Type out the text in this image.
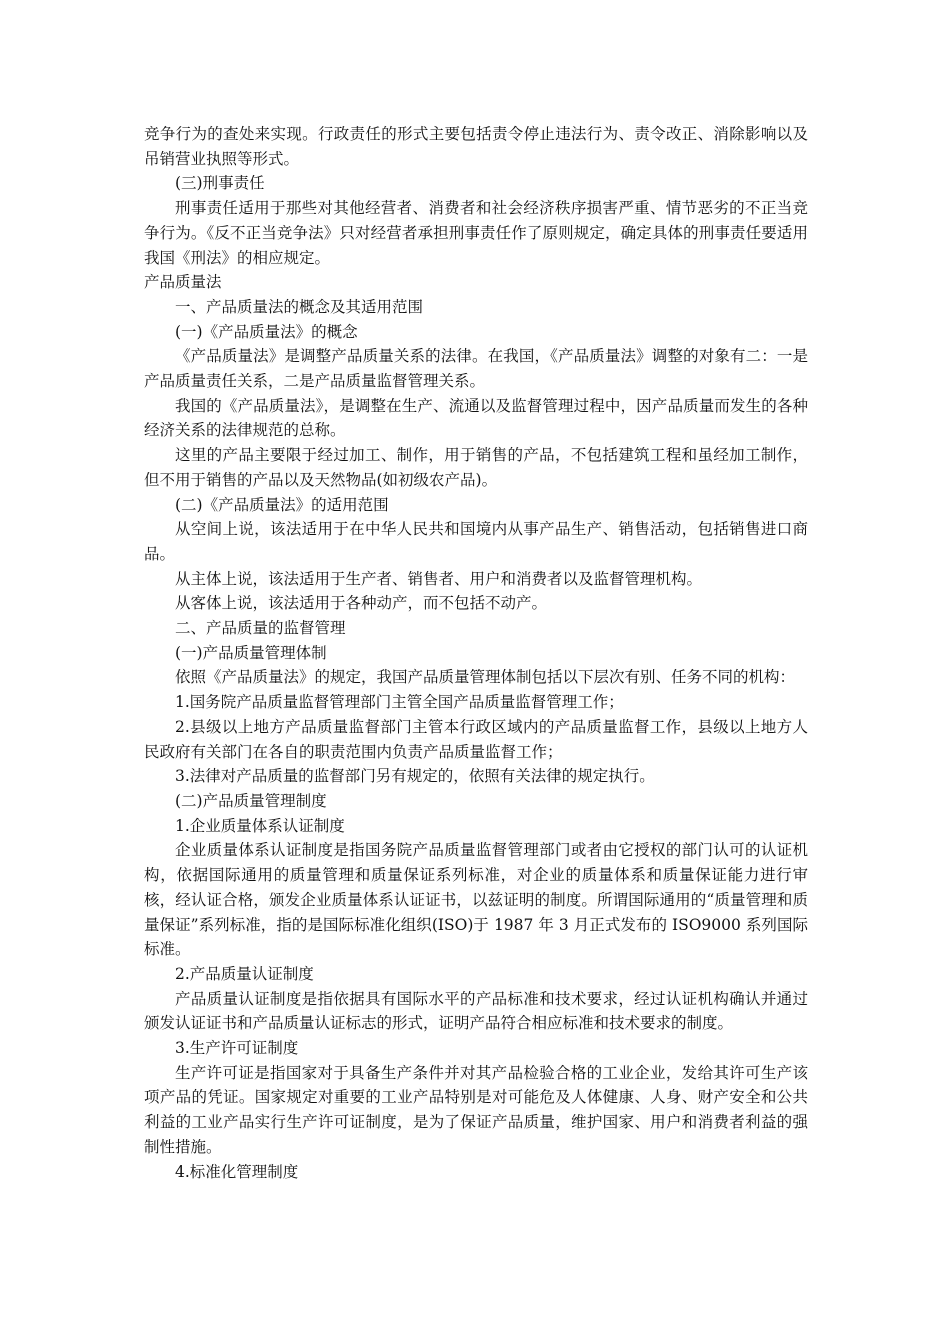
竞争行为的查处来实现。行政责任的形式主要包括责令停止违法行为、责令改正、消除影响以及吊销营业执照等形式。

(三)刑事责任

刑事责任适用于那些对其他经营者、消费者和社会经济秩序损害严重、情节恶劣的不正当竞争行为。《反不正当竞争法》只对经营者承担刑事责任作了原则规定，确定具体的刑事责任要适用我国《刑法》的相应规定。

产品质量法

一、产品质量法的概念及其适用范围

(一)《产品质量法》的概念

《产品质量法》是调整产品质量关系的法律。在我国，《产品质量法》调整的对象有二：一是产品质量责任关系，二是产品质量监督管理关系。

我国的《产品质量法》，是调整在生产、流通以及监督管理过程中，因产品质量而发生的各种经济关系的法律规范的总称。

这里的产品主要限于经过加工、制作，用于销售的产品，不包括建筑工程和虽经加工制作，但不用于销售的产品以及天然物品(如初级农产品)。

(二)《产品质量法》的适用范围

从空间上说，该法适用于在中华人民共和国境内从事产品生产、销售活动，包括销售进口商品。

从主体上说，该法适用于生产者、销售者、用户和消费者以及监督管理机构。

从客体上说，该法适用于各种动产，而不包括不动产。

二、产品质量的监督管理

(一)产品质量管理体制

依照《产品质量法》的规定，我国产品质量管理体制包括以下层次有别、任务不同的机构：

1.国务院产品质量监督管理部门主管全国产品质量监督管理工作；

2.县级以上地方产品质量监督部门主管本行政区域内的产品质量监督工作，县级以上地方人民政府有关部门在各自的职责范围内负责产品质量监督工作；

3.法律对产品质量的监督部门另有规定的，依照有关法律的规定执行。

(二)产品质量管理制度

1.企业质量体系认证制度

企业质量体系认证制度是指国务院产品质量监督管理部门或者由它授权的部门认可的认证机构，依据国际通用的质量管理和质量保证系列标准，对企业的质量体系和质量保证能力进行审核，经认证合格，颁发企业质量体系认证证书，以兹证明的制度。所谓国际通用的“质量管理和质量保证”系列标准，指的是国际标准化组织(ISO)于 1987 年 3 月正式发布的 ISO9000 系列国际标准。

2.产品质量认证制度

产品质量认证制度是指依据具有国际水平的产品标准和技术要求，经过认证机构确认并通过颁发认证证书和产品质量认证标志的形式，证明产品符合相应标准和技术要求的制度。

3.生产许可证制度

生产许可证是指国家对于具备生产条件并对其产品检验合格的工业企业，发给其许可生产该项产品的凭证。国家规定对重要的工业产品特别是对可能危及人体健康、人身、财产安全和公共利益的工业产品实行生产许可证制度，是为了保证产品质量，维护国家、用户和消费者利益的强制性措施。

4.标准化管理制度
